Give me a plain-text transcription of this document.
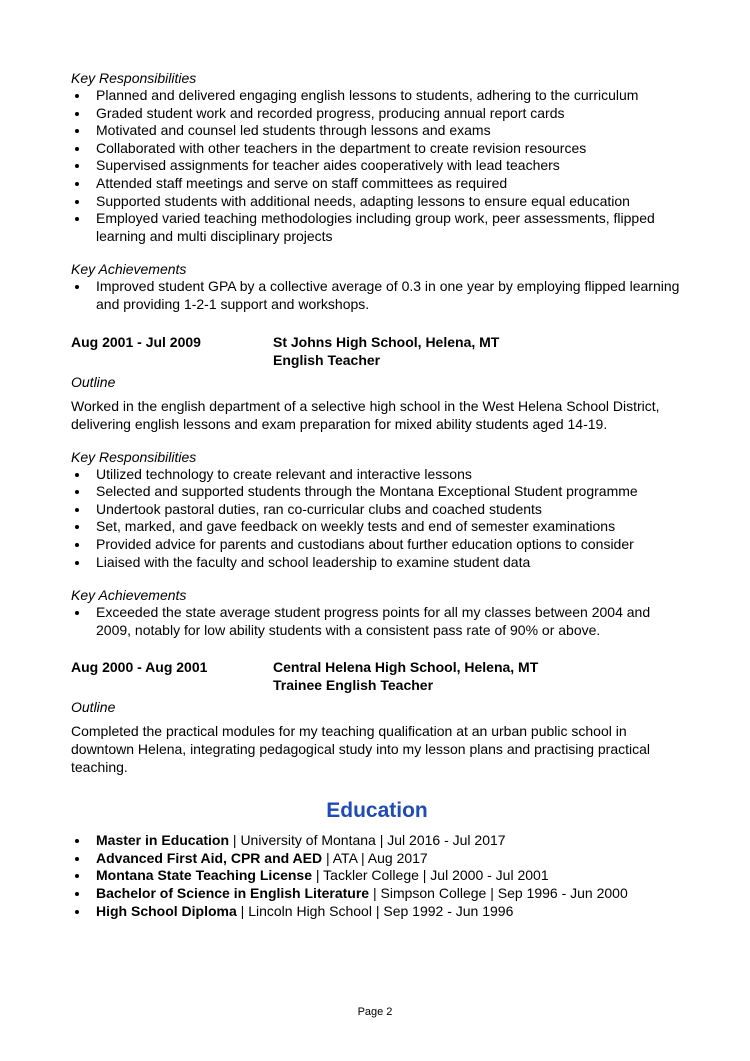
Key Responsibilities

Planned and delivered engaging english lessons to students, adhering to the curriculum
Graded student work and recorded progress, producing annual report cards
Motivated and counsel led students through lessons and exams
Collaborated with other teachers in the department to create revision resources
Supervised assignments for teacher aides cooperatively with lead teachers
Attended staff meetings and serve on staff committees as required
Supported students with additional needs, adapting lessons to ensure equal education
Employed varied teaching methodologies including group work, peer assessments, flipped learning and multi disciplinary projects

Key Achievements

Improved student GPA by a collective average of 0.3 in one year by employing flipped learning and providing 1-2-1 support and workshops.
Aug 2001 - Jul 2009	St Johns High School, Helena, MT
English Teacher

Outline

Worked in the english department of a selective high school in the West Helena School District, delivering english lessons and exam preparation for mixed ability students aged 14-19.

Key Responsibilities

Utilized technology to create relevant and interactive lessons
Selected and supported students through the Montana Exceptional Student programme
Undertook pastoral duties, ran co-curricular clubs and coached students
Set, marked, and gave feedback on weekly tests and end of semester examinations
Provided advice for parents and custodians about further education options to consider
Liaised with the faculty and school leadership to examine student data

Key Achievements

Exceeded the state average student progress points for all my classes between 2004 and 2009, notably for low ability students with a consistent pass rate of 90% or above.
Aug 2000 - Aug 2001	Central Helena High School, Helena, MT
Trainee English Teacher

Outline

Completed the practical modules for my teaching qualification at an urban public school in downtown Helena, integrating pedagogical study into my lesson plans and practising practical teaching.

Education
Master in Education | University of Montana | Jul 2016 - Jul 2017
Advanced First Aid, CPR and AED | ATA | Aug 2017
Montana State Teaching License | Tackler College | Jul 2000 - Jul 2001
Bachelor of Science in English Literature | Simpson College | Sep 1996 - Jun 2000
High School Diploma | Lincoln High School | Sep 1992 - Jun 1996
Page 2
